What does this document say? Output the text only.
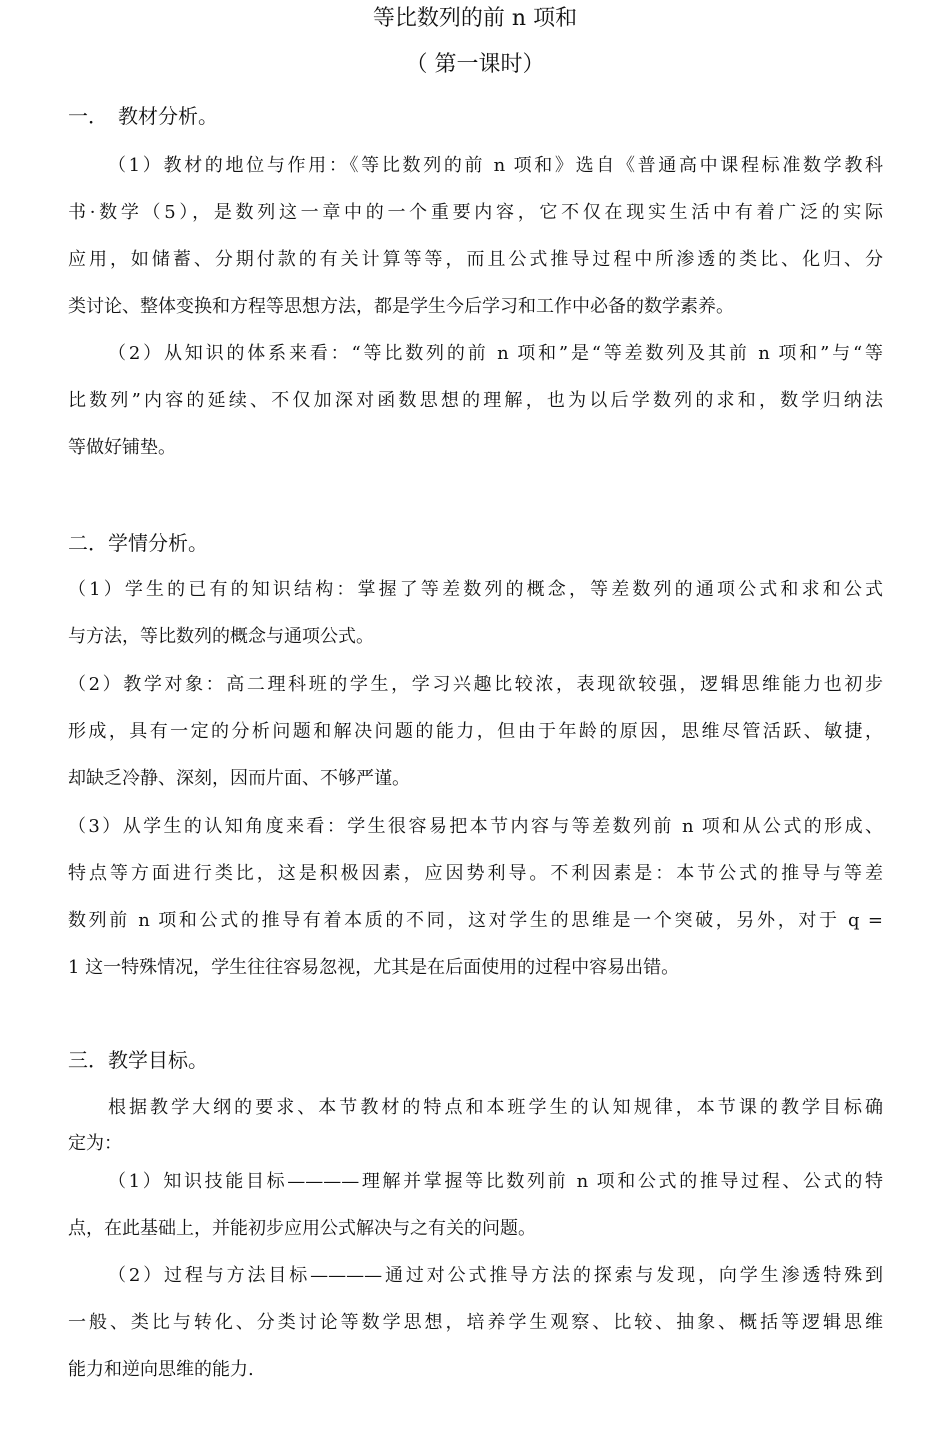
等比数列的前 n 项和
（ 第一课时）
一．　教材分析。
（1）教材的地位与作用：《等比数列的前 n 项和》选自《普通高中课程标准数学教科
书·数学（5），是数列这一章中的一个重要内容，它不仅在现实生活中有着广泛的实际
应用，如储蓄、分期付款的有关计算等等，而且公式推导过程中所渗透的类比、化归、分
类讨论、整体变换和方程等思想方法，都是学生今后学习和工作中必备的数学素养。
（2）从知识的体系来看：“等比数列的前 n 项和”是“等差数列及其前 n 项和”与“等
比数列”内容的延续、不仅加深对函数思想的理解，也为以后学数列的求和，数学归纳法
等做好铺垫。
二．学情分析。
（1）学生的已有的知识结构：掌握了等差数列的概念，等差数列的通项公式和求和公式
与方法，等比数列的概念与通项公式。
（2）教学对象：高二理科班的学生，学习兴趣比较浓，表现欲较强，逻辑思维能力也初步
形成，具有一定的分析问题和解决问题的能力，但由于年龄的原因，思维尽管活跃、敏捷，
却缺乏冷静、深刻，因而片面、不够严谨。
（3）从学生的认知角度来看：学生很容易把本节内容与等差数列前 n 项和从公式的形成、
特点等方面进行类比，这是积极因素，应因势利导。不利因素是：本节公式的推导与等差
数列前 n 项和公式的推导有着本质的不同，这对学生的思维是一个突破，另外，对于 q =
1 这一特殊情况，学生往往容易忽视，尤其是在后面使用的过程中容易出错。
三．教学目标。
根据教学大纲的要求、本节教材的特点和本班学生的认知规律，本节课的教学目标确
定为：
（1）知识技能目标————理解并掌握等比数列前 n 项和公式的推导过程、公式的特
点，在此基础上，并能初步应用公式解决与之有关的问题。
（2）过程与方法目标————通过对公式推导方法的探索与发现，向学生渗透特殊到
一般、类比与转化、分类讨论等数学思想，培养学生观察、比较、抽象、概括等逻辑思维
能力和逆向思维的能力.
